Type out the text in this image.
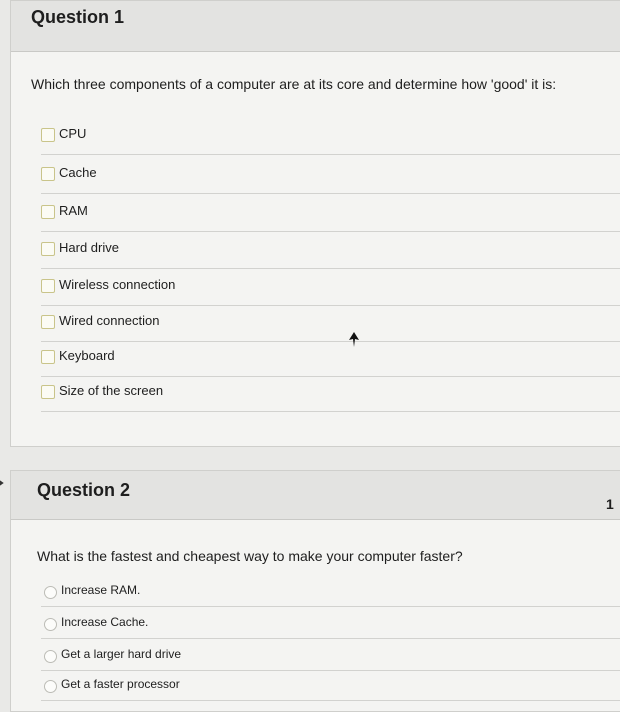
Question 1
Which three components of a computer are at its core and determine how 'good' it is:
CPU
Cache
RAM
Hard drive
Wireless connection
Wired connection
Keyboard
Size of the screen
Question 2
What is the fastest and cheapest way to make your computer faster?
Increase RAM.
Increase Cache.
Get a larger hard drive
Get a faster processor
1
